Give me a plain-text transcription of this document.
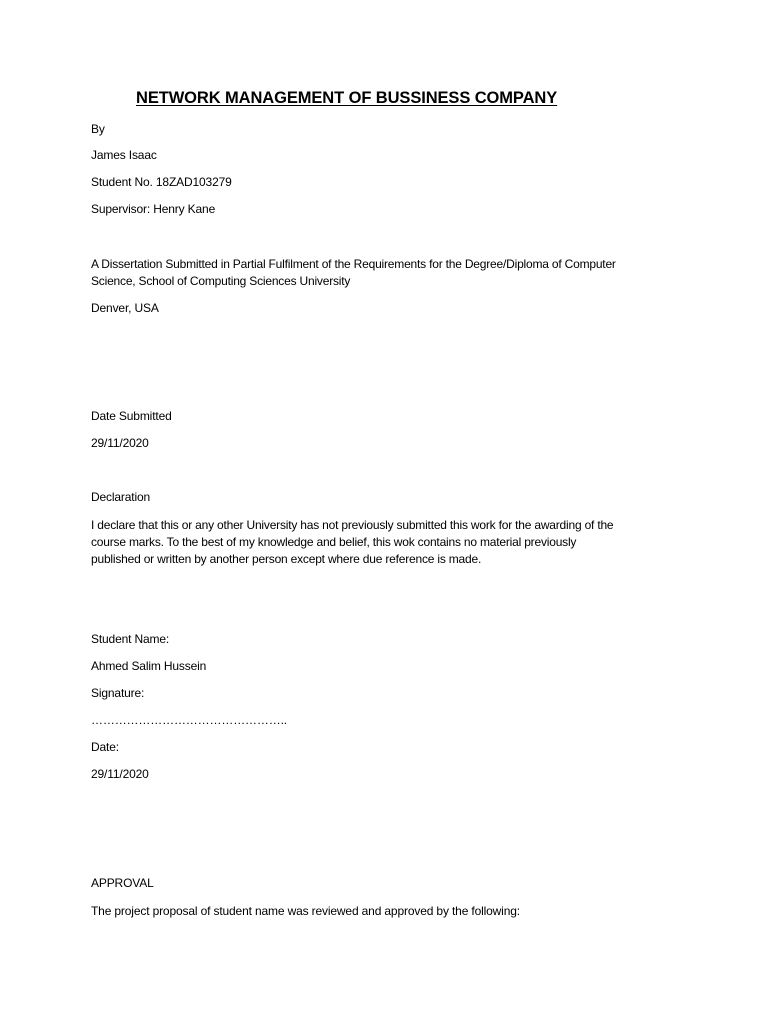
NETWORK MANAGEMENT OF BUSSINESS COMPANY
By
James Isaac
Student No. 18ZAD103279
Supervisor: Henry Kane
A Dissertation Submitted in Partial Fulfilment of the Requirements for the Degree/Diploma of Computer
Science, School of Computing Sciences University
Denver, USA
Date Submitted
29/11/2020
Declaration
I declare that this or any other University has not previously submitted this work for the awarding of the
course marks. To the best of my knowledge and belief, this wok contains no material previously
published or written by another person except where due reference is made.
Student Name:
Ahmed Salim Hussein
Signature:
…………………………………………..
Date:
29/11/2020
APPROVAL
The project proposal of student name was reviewed and approved by the following:
